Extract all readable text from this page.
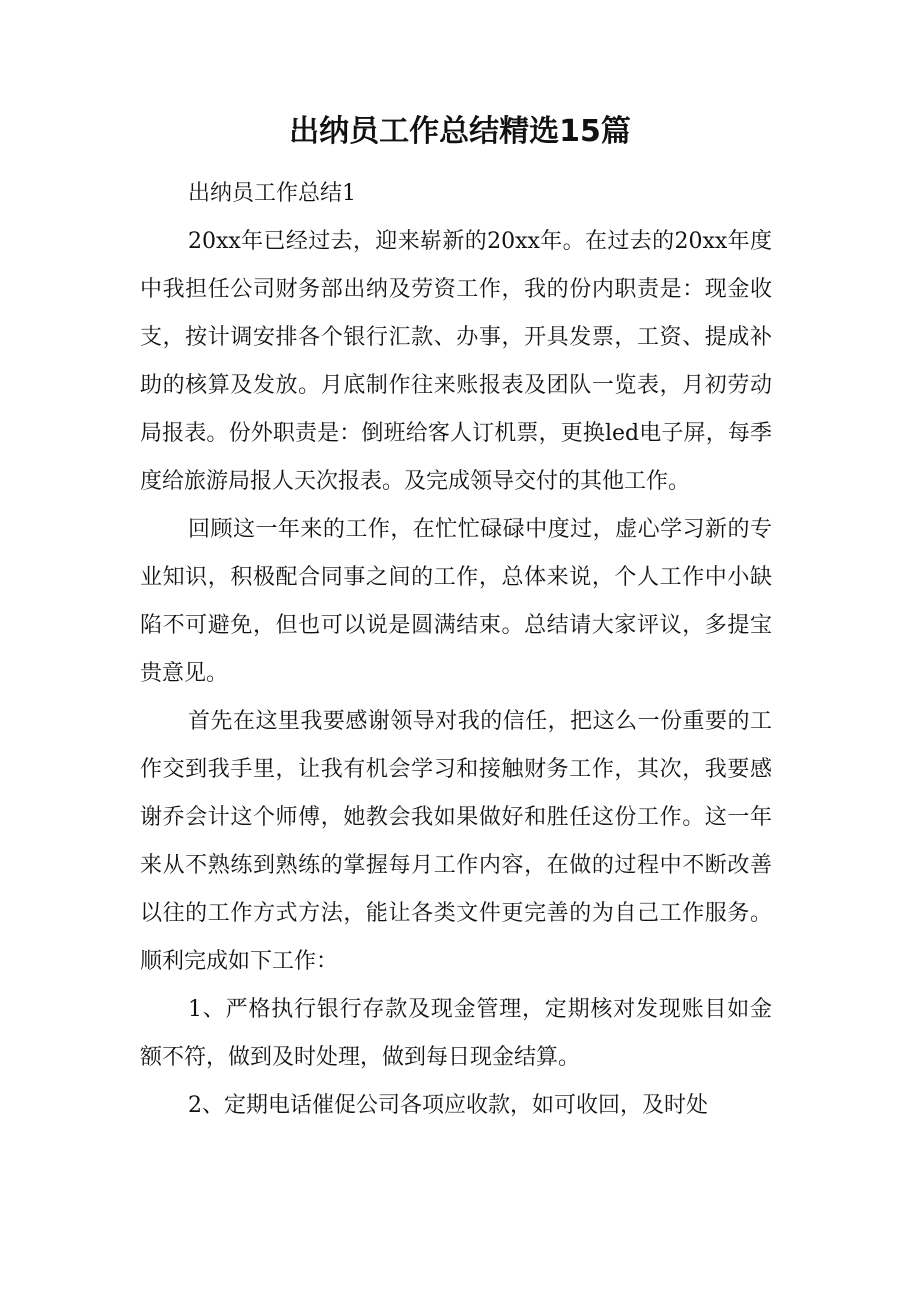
出纳员工作总结精选15篇

出纳员工作总结1

20xx年已经过去，迎来崭新的20xx年。在过去的20xx年度中我担任公司财务部出纳及劳资工作，我的份内职责是：现金收支，按计调安排各个银行汇款、办事，开具发票，工资、提成补助的核算及发放。月底制作往来账报表及团队一览表，月初劳动局报表。份外职责是：倒班给客人订机票，更换led电子屏，每季度给旅游局报人天次报表。及完成领导交付的其他工作。

回顾这一年来的工作，在忙忙碌碌中度过，虚心学习新的专业知识，积极配合同事之间的工作，总体来说，个人工作中小缺陷不可避免，但也可以说是圆满结束。总结请大家评议，多提宝贵意见。

首先在这里我要感谢领导对我的信任，把这么一份重要的工作交到我手里，让我有机会学习和接触财务工作，其次，我要感谢乔会计这个师傅，她教会我如果做好和胜任这份工作。这一年来从不熟练到熟练的掌握每月工作内容，在做的过程中不断改善以往的工作方式方法，能让各类文件更完善的为自己工作服务。顺利完成如下工作：

1、严格执行银行存款及现金管理，定期核对发现账目如金额不符，做到及时处理，做到每日现金结算。

2、定期电话催促公司各项应收款，如可收回，及时处
